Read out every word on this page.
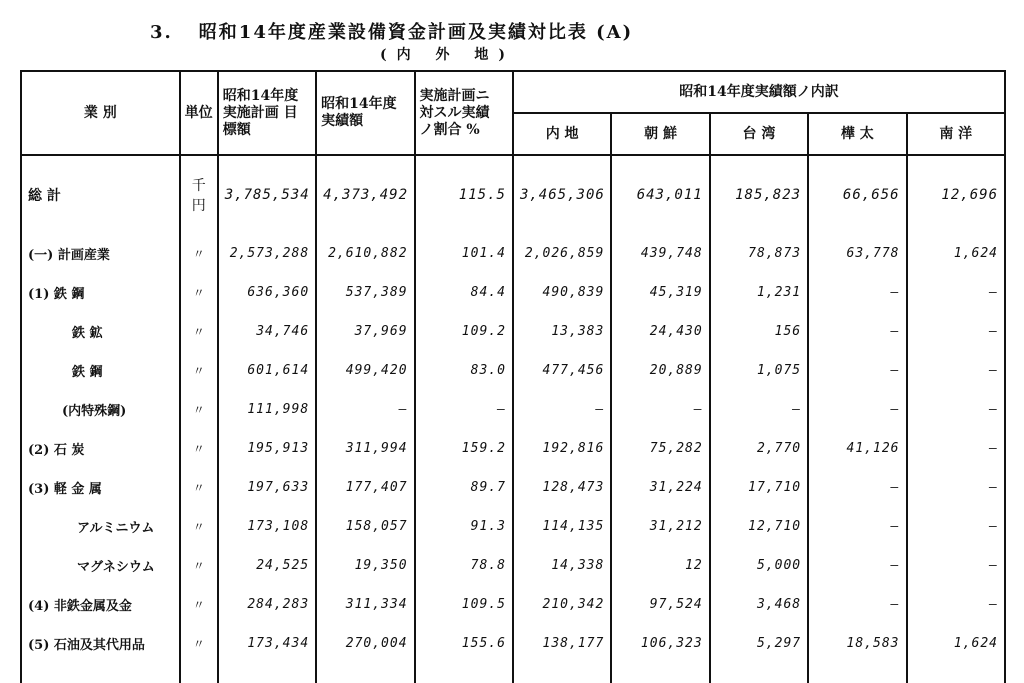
3. 昭和14年度産業設備資金計画及実績対比表 (A)
(内 外 地)
業 別	単位	昭和14年度 実施計画 目標額	昭和14年度 実績額	実施計画ニ 対スル実績 ノ割合 %	昭和14年度実績額ノ内訳				
					内 地	朝 鮮	台 湾	樺 太	南 洋
総 計	千円	3,785,534	4,373,492	115.5	3,465,306	643,011	185,823	66,656	12,696
(一) 計画産業	〃	2,573,288	2,610,882	101.4	2,026,859	439,748	78,873	63,778	1,624
(1) 鉄 鋼	〃	636,360	537,389	84.4	490,839	45,319	1,231	—	—
鉄 鉱	〃	34,746	37,969	109.2	13,383	24,430	156	—	—
鉄 鋼	〃	601,614	499,420	83.0	477,456	20,889	1,075	—	—
(内特殊鋼)	〃	111,998	—	—	—	—	—	—	—
(2) 石 炭	〃	195,913	311,994	159.2	192,816	75,282	2,770	41,126	—
(3) 軽 金 属	〃	197,633	177,407	89.7	128,473	31,224	17,710	—	—
アルミニウム	〃	173,108	158,057	91.3	114,135	31,212	12,710	—	—
マグネシウム	〃	24,525	19,350	78.8	14,338	12	5,000	—	—
(4) 非鉄金属及金	〃	284,283	311,334	109.5	210,342	97,524	3,468	—	—
(5) 石油及其代用品	〃	173,434	270,004	155.6	138,177	106,323	5,297	18,583	1,624
